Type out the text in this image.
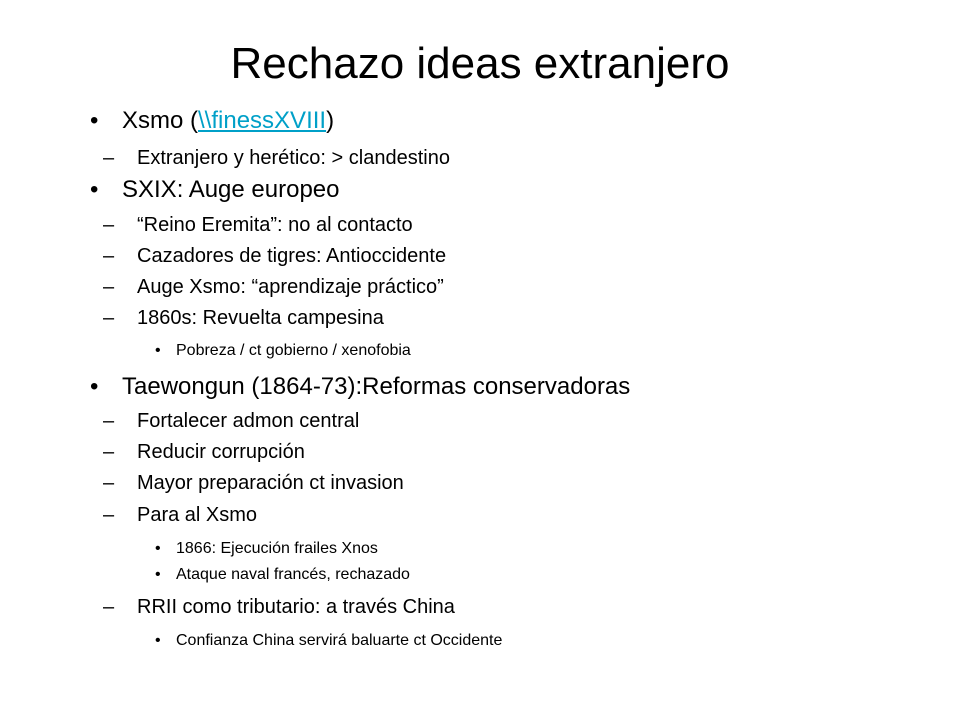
Rechazo ideas extranjero
• Xsmo (\\finessXVIII)
– Extranjero y herético: > clandestino
• SXIX: Auge europeo
– “Reino Eremita”: no al contacto
– Cazadores de tigres: Antioccidente
– Auge Xsmo: “aprendizaje práctico”
– 1860s: Revuelta campesina
• Pobreza / ct gobierno / xenofobia
• Taewongun (1864-73):Reformas conservadoras
– Fortalecer admon central
– Reducir corrupción
– Mayor preparación ct invasion
– Para al Xsmo
• 1866: Ejecución frailes Xnos
• Ataque naval francés, rechazado
– RRII como tributario: a través China
• Confianza China servirá baluarte ct Occidente
